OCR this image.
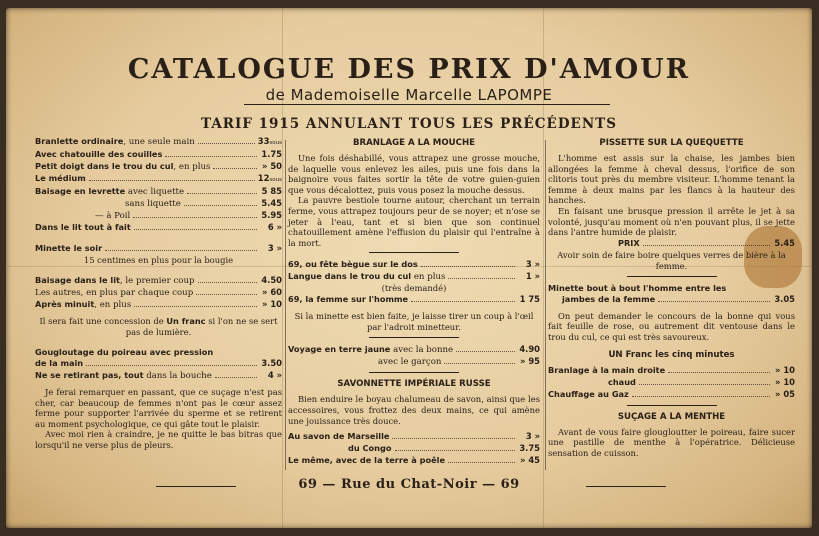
CATALOGUE DES PRIX D'AMOUR
de Mademoiselle Marcelle LAPOMPE
TARIF 1915 ANNULANT TOUS LES PRÉCÉDENTS
Branlette ordinaire, une seule main	33sous
Avec chatouille des couilles	1.75
Petit doigt dans le trou du cul, en plus	» 50
Le médium	12sous
Baisage en levrette avec liquette	5 85
sans liquette	5.45
— à Poil	5.95
Dans le lit tout à fait	6 »
Minette le soir	3 »
15 centimes en plus pour la bougie
Baisage dans le lit, le premier coup	4.50
Les autres, en plus par chaque coup	» 60
Après minuit, en plus	» 10
Il sera fait une concession de Un franc si l'on ne se sert pas de lumière.
Gougloutage du poireau avec pression
de la main	3.50
Ne se retirant pas, tout dans la bouche	4 »
Je ferai remarquer en passant, que ce suçage n'est pas cher, car beaucoup de femmes n'ont pas le cœur assez ferme pour supporter l'arrivée du sperme et se retirent au moment psychologique, ce qui gâte tout le plaisir.
Avec moi rien à craindre, je ne quitte le bas bitras que lorsqu'il ne verse plus de pleurs.
BRANLAGE A LA MOUCHE
Une fois déshabillé, vous attrapez une grosse mouche, de laquelle vous enlevez les ailes, puis une fois dans la baignoire vous faites sortir la tête de votre guien-guien que vous décalottez, puis vous posez la mouche dessus.
La pauvre bestiole tourne autour, cherchant un terrain ferme, vous attrapez toujours peur de se noyer; et n'ose se jeter à l'eau, tant et si bien que son continuel chatouillement amène l'effusion du plaisir qui l'entraîne à la mort.
69, ou fête bègue sur le dos	3 »
Langue dans le trou du cul en plus	1 »
(très demandé)
69, la femme sur l'homme	1 75
Si la minette est bien faite, je laisse tirer un coup à l'œil par l'adroit minetteur.
Voyage en terre jaune avec la bonne	4.90
avec le garçon	» 95
SAVONNETTE IMPÉRIALE RUSSE
Bien enduire le boyau chalumeau de savon, ainsi que les accessoires, vous frottez des deux mains, ce qui amène une jouissance très douce.
Au savon de Marseille	3 »
du Congo	3.75
Le même, avec de la terre à poêle	» 45
PISSETTE SUR LA QUEQUETTE
L'homme est assis sur la chaise, les jambes bien allongées la femme à cheval dessus, l'orifice de son clitoris tout près du membre visiteur. L'homme tenant la femme à deux mains par les flancs à la hauteur des hanches.
En faisant une brusque pression il arrête le jet à sa volonté, jusqu'au moment où n'en pouvant plus, il se jette dans l'antre humide de plaisir.
PRIX	5.45
Avoir soin de faire boire quelques verres de bière à la femme.
Minette bout à bout l'homme entre les
jambes de la femme	3.05
On peut demander le concours de la bonne qui vous fait feuille de rose, ou autrement dit ventouse dans le trou du cul, ce qui est très savoureux.
UN Franc les cinq minutes
Branlage à la main droite	» 10
chaud	» 10
Chauffage au Gaz	» 05
SUÇAGE A LA MENTHE
Avant de vous faire glougloutter le poireau, faire sucer une pastille de menthe à l'opératrice. Délicieuse sensation de cuisson.
69 — Rue du Chat-Noir — 69
